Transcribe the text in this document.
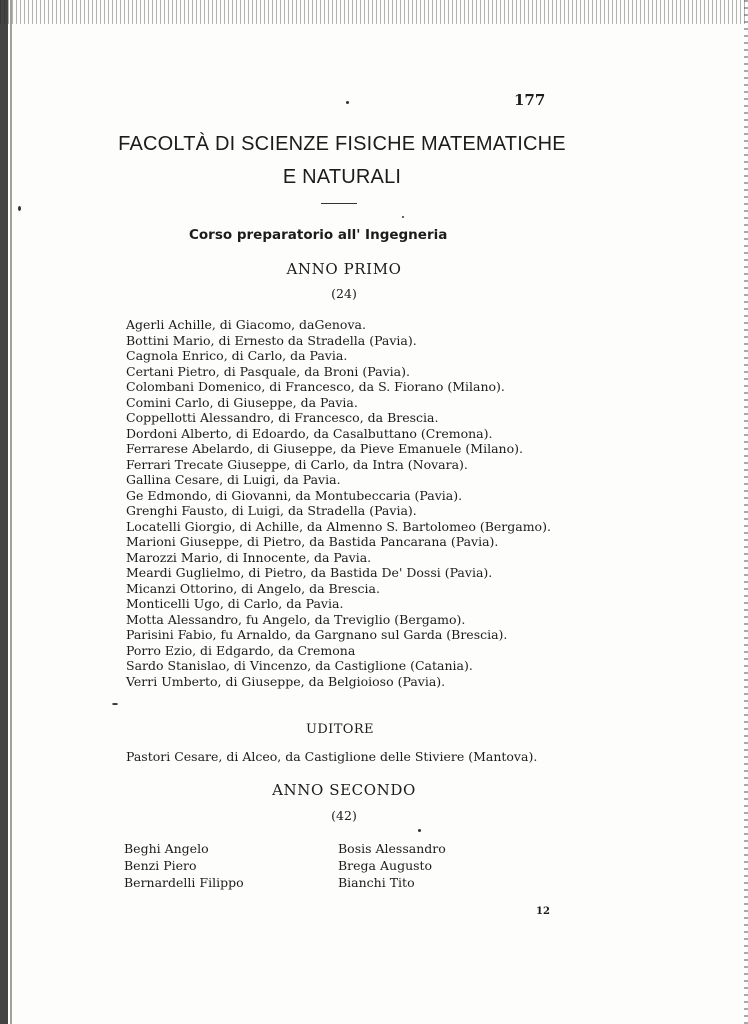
177
FACOLTÀ DI SCIENZE FISICHE MATEMATICHE
E NATURALI
Corso preparatorio all' Ingegneria
ANNO PRIMO
(24)
Agerli Achille, di Giacomo, daGenova.
Bottini Mario, di Ernesto da Stradella (Pavia).
Cagnola Enrico, di Carlo, da Pavia.
Certani Pietro, di Pasquale, da Broni (Pavia).
Colombani Domenico, di Francesco, da S. Fiorano (Milano).
Comini Carlo, di Giuseppe, da Pavia.
Coppellotti Alessandro, di Francesco, da Brescia.
Dordoni Alberto, di Edoardo, da Casalbuttano (Cremona).
Ferrarese Abelardo, di Giuseppe, da Pieve Emanuele (Milano).
Ferrari Trecate Giuseppe, di Carlo, da Intra (Novara).
Gallina Cesare, di Luigi, da Pavia.
Ge Edmondo, di Giovanni, da Montubeccaria (Pavia).
Grenghi Fausto, di Luigi, da Stradella (Pavia).
Locatelli Giorgio, di Achille, da Almenno S. Bartolomeo (Bergamo).
Marioni Giuseppe, di Pietro, da Bastida Pancarana (Pavia).
Marozzi Mario, di Innocente, da Pavia.
Meardi Guglielmo, di Pietro, da Bastida De' Dossi (Pavia).
Micanzi Ottorino, di Angelo, da Brescia.
Monticelli Ugo, di Carlo, da Pavia.
Motta Alessandro, fu Angelo, da Treviglio (Bergamo).
Parisini Fabio, fu Arnaldo, da Gargnano sul Garda (Brescia).
Porro Ezio, di Edgardo, da Cremona
Sardo Stanislao, di Vincenzo, da Castiglione (Catania).
Verri Umberto, di Giuseppe, da Belgioioso (Pavia).
UDITORE
Pastori Cesare, di Alceo, da Castiglione delle Stiviere (Mantova).
ANNO SECONDO
(42)
Beghi Angelo
Benzi Piero
Bernardelli Filippo
Bosis Alessandro
Brega Augusto
Bianchi Tito
12
